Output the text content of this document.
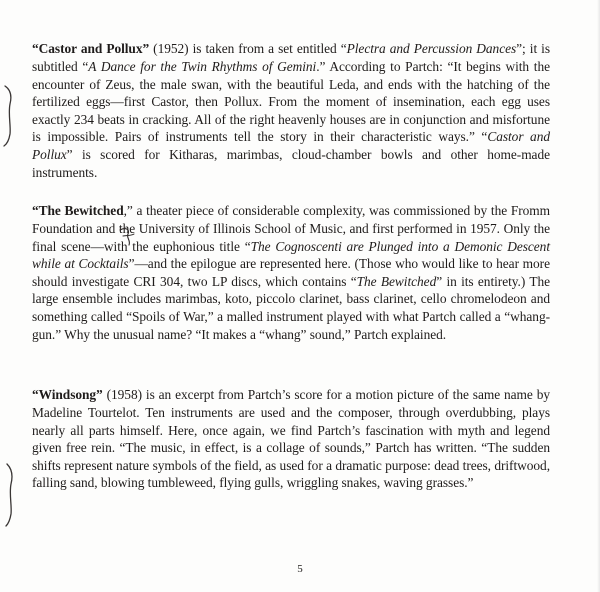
“Castor and Pollux” (1952) is taken from a set entitled “Plectra and Percussion Dances”; it is subtitled “A Dance for the Twin Rhythms of Gemini.” According to Partch: “It begins with the encounter of Zeus, the male swan, with the beautiful Leda, and ends with the hatching of the fertilized eggs—first Castor, then Pollux. From the moment of insemination, each egg uses exactly 234 beats in cracking. All of the right heavenly houses are in conjunction and misfortune is impossible. Pairs of instruments tell the story in their characteristic ways.” “Castor and Pollux” is scored for Kitharas, marimbas, cloud-chamber bowls and other home-made instruments.

“The Bewitched,” a theater piece of considerable complexity, was commissioned by the Fromm Foundation and the University of Illinois School of Music, and first performed in 1957. Only the final scene—with the euphonious title “The Cognoscenti are Plunged into a Demonic Descent while at Cocktails”—and the epilogue are represented here. (Those who would like to hear more should investigate CRI 304, two LP discs, which contains “The Bewitched” in its entirety.) The large ensemble includes marimbas, koto, piccolo clarinet, bass clarinet, cello chromelodeon and something called “Spoils of War,” a malled instrument played with what Partch called a “whang-gun.” Why the unusual name? “It makes a “whang” sound,” Partch explained.

“Windsong” (1958) is an excerpt from Partch’s score for a motion picture of the same name by Madeline Tourtelot. Ten instruments are used and the composer, through overdubbing, plays nearly all parts himself. Here, once again, we find Partch’s fascination with myth and legend given free rein. “The music, in effect, is a collage of sounds,” Partch has written. “The sudden shifts represent nature symbols of the field, as used for a dramatic purpose: dead trees, driftwood, falling sand, blowing tumbleweed, flying gulls, wriggling snakes, waving grasses.”

5
